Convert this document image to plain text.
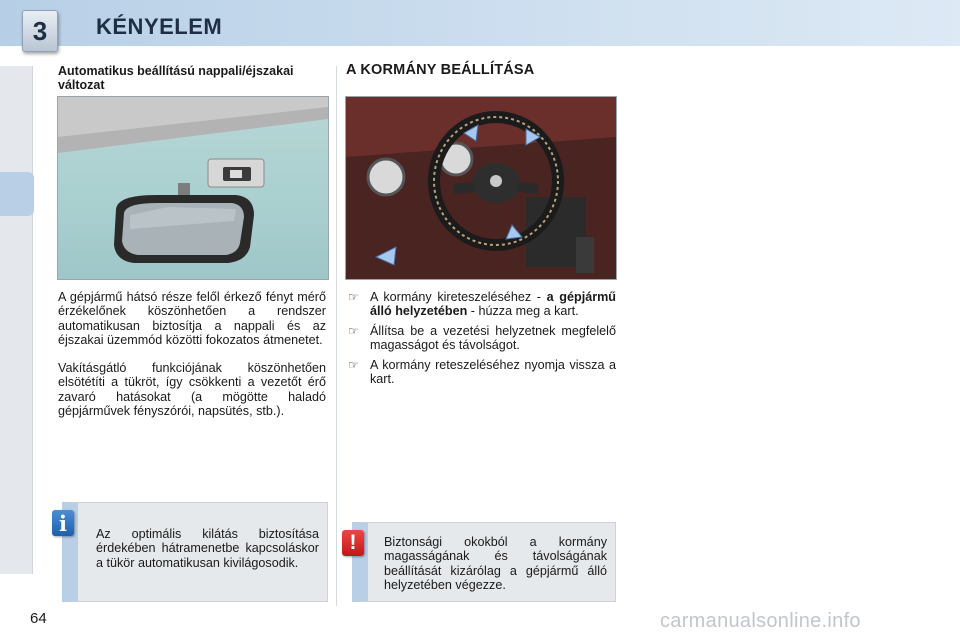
3	KÉNYELEM
Automatikus beállítású nappali/éjszakai változat

A gépjármű hátsó része felől érkező fényt mérő érzékelőnek köszönhetően a rendszer automatikusan biztosítja a nappali és az éjszakai üzemmód közötti fokozatos átmenetet.

Vakításgátló funkciójának köszönhetően elsötétíti a tükröt, így csökkenti a vezetőt érő zavaró hatásokat (a mögötte haladó gépjárművek fényszórói, napsütés, stb.).

Az optimális kilátás biztosítása érdekében hátramenetbe kapcsoláskor a tükör automatikusan kivilágosodik.
i
A KORMÁNY BEÁLLÍTÁSA
☞ A kormány kireteszeléséhez - a gépjármű álló helyzetében - húzza meg a kart.
☞ Állítsa be a vezetési helyzetnek megfelelő magasságot és távolságot.
☞ A kormány reteszeléséhez nyomja vissza a kart.
Biztonsági okokból a kormány magasságának és távolságának beállítását kizárólag a gépjármű álló helyzetében végezze.
!
64	carmanualsonline.info
